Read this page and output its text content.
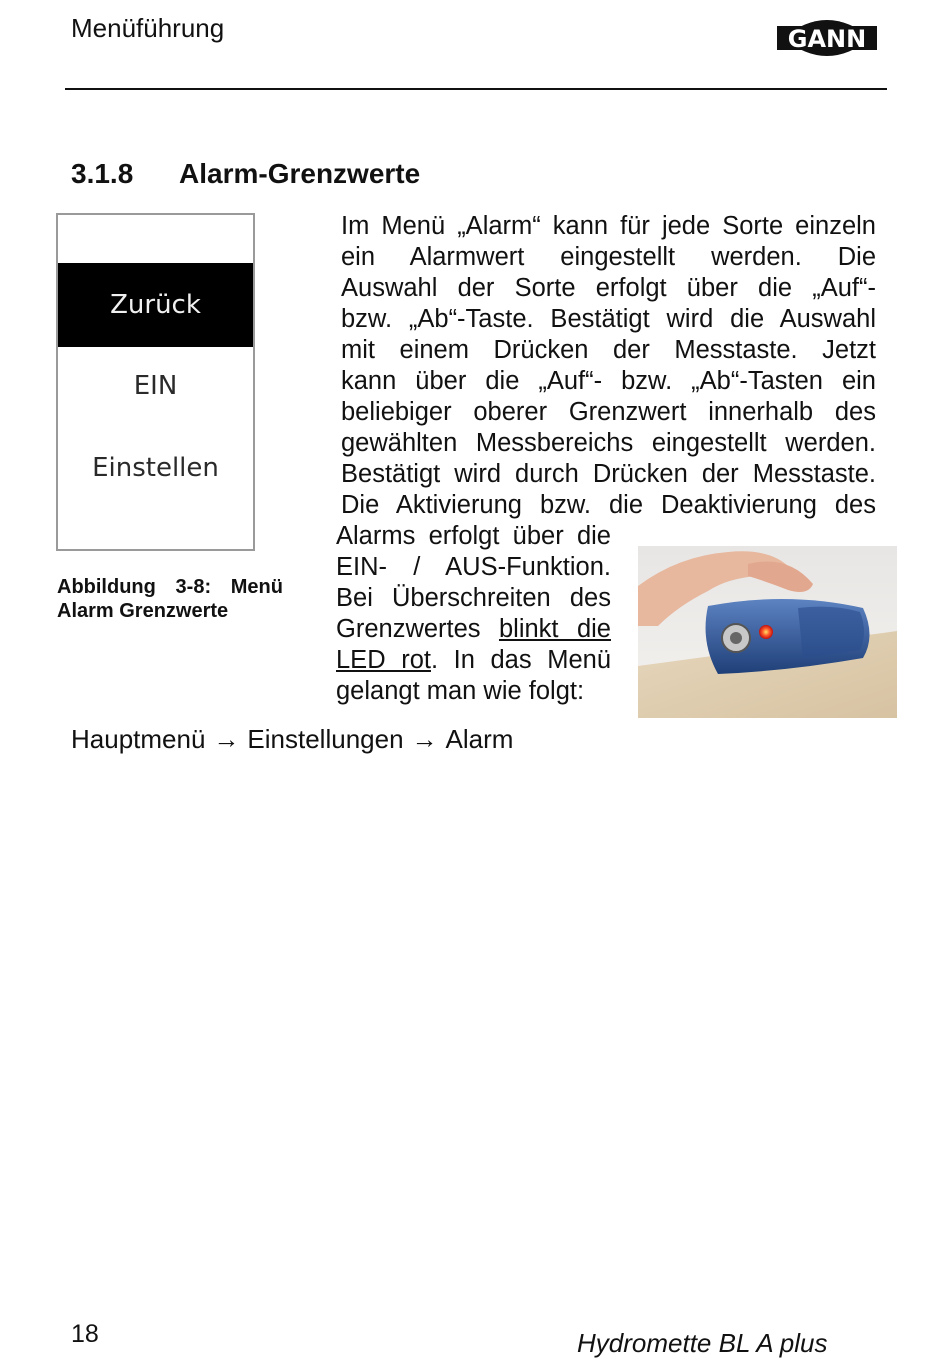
Menüführung	GANN
3.1.8 Alarm-Grenzwerte
Zurück
EIN
Einstellen
Abbildung 3-8: Menü
Alarm Grenzwerte
Im Menü „Alarm“ kann für jede Sorte einzeln
ein Alarmwert eingestellt werden. Die
Auswahl der Sorte erfolgt über die „Auf“-
bzw. „Ab“-Taste. Bestätigt wird die Auswahl
mit einem Drücken der Messtaste. Jetzt
kann über die „Auf“- bzw. „Ab“-Tasten ein
beliebiger oberer Grenzwert innerhalb des
gewählten Messbereichs eingestellt werden.
Bestätigt wird durch Drücken der Messtaste.
Die Aktivierung bzw. die Deaktivierung des
Alarms erfolgt über die
EIN- / AUS-Funktion.
Bei Überschreiten des
Grenzwertes blinkt die
LED rot. In das Menü
gelangt man wie folgt:
Hauptmenü → Einstellungen → Alarm
18	Hydromette BL A plus
